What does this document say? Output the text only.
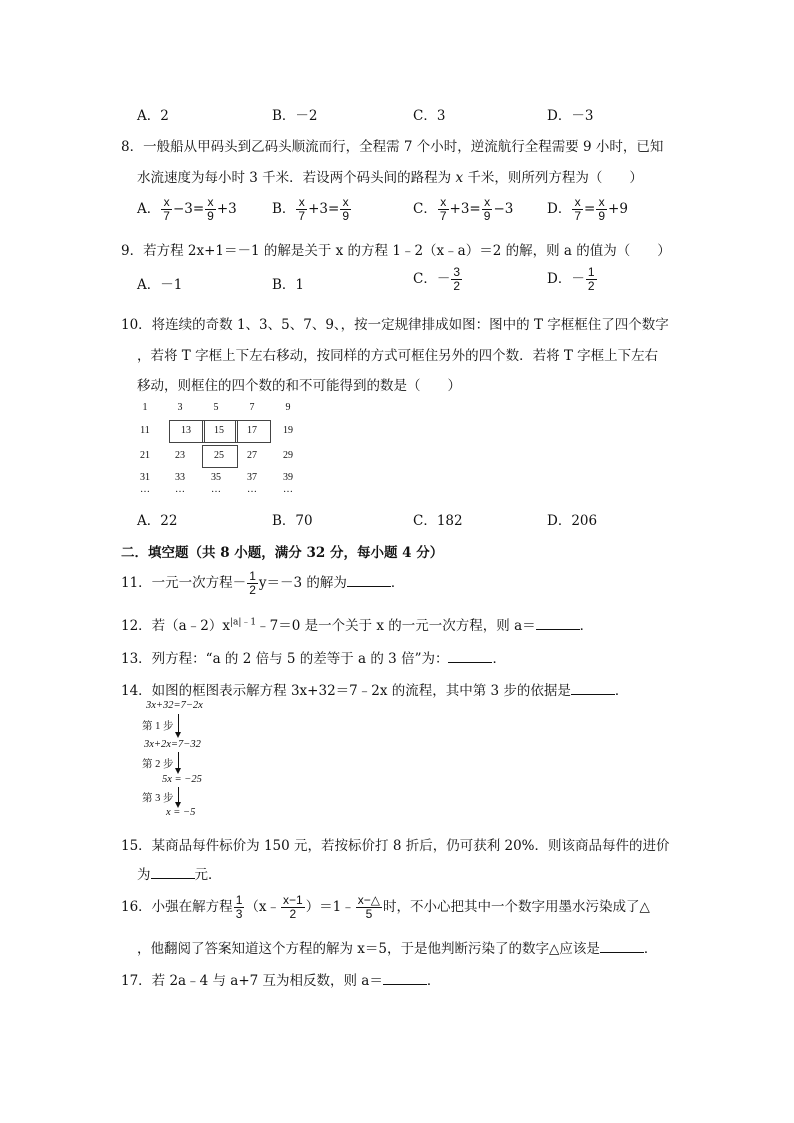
A．2	B．－2	C．3	D．－3
8．一般船从甲码头到乙码头顺流而行，全程需 7 个小时，逆流航行全程需要 9 小时，已知
水流速度为每小时 3 千米．若设两个码头间的路程为 x 千米，则所列方程为（　　）
A． $\frac{x}{7} -3= \frac{x}{9} +3$	B． $\frac{x}{7} +3= \frac{x}{9}$	C． $\frac{x}{7} +3= \frac{x}{9} -3$ D． $\frac{x}{7} = \frac{x}{9} +9$
9．若方程 2x+1＝－1 的解是关于 x 的方程 1﹣2（x﹣a）＝2 的解，则 a 的值为（　　）
A．－1	B．1	C．－ $\frac{3}{2}$	D．－ $\frac{1}{2}$
10．将连续的奇数 1、3、5、7、9、，按一定规律排成如图：图中的 T 字框框住了四个数字
，若将 T 字框上下左右移动，按同样的方式可框住另外的四个数．若将 T 字框上下左右
移动，则框住的四个数的和不可能得到的数是（　　）
1	3	5	7	9
11	13	15	17	19
21	23	25	27	29
31	33	35	37	39
…	…	…	…	…
A．22	B．70	C．182	D．206
二．填空题（共 8 小题，满分 32 分，每小题 4 分）
11．一元一次方程－ $\frac{1}{2} y=-3$ 的解为	．
12．若$(a﹣2)x^{|a|﹣1}﹣7=0$ 是一个关于 x 的一元一次方程，则 a＝	．
13．列方程：“a 的 2 倍与 5 的差等于 a 的 3 倍”为：	．
14．如图的框图表示解方程 3x+32＝7﹣2x 的流程，其中第 3 步的依据是	．
3x+32=7−2x
第 1 步
3x+2x=7−32
第 2 步
5x = −25
第 3 步
x = −5
15．某商品每件标价为 150 元，若按标价打 8 折后，仍可获利 20%．则该商品每件的进价
为	元．
16．小强在解方程 $\frac{1}{3}$ （x﹣ $\frac{x-1}{2}$ ）＝1﹣ $\frac{x-\triangle}{5}$ 时，不小心把其中一个数字用墨水污染成了△
，他翻阅了答案知道这个方程的解为 x＝5，于是他判断污染了的数字△应该是	．
17．若 2a﹣4 与 a+7 互为相反数，则 a＝	．
